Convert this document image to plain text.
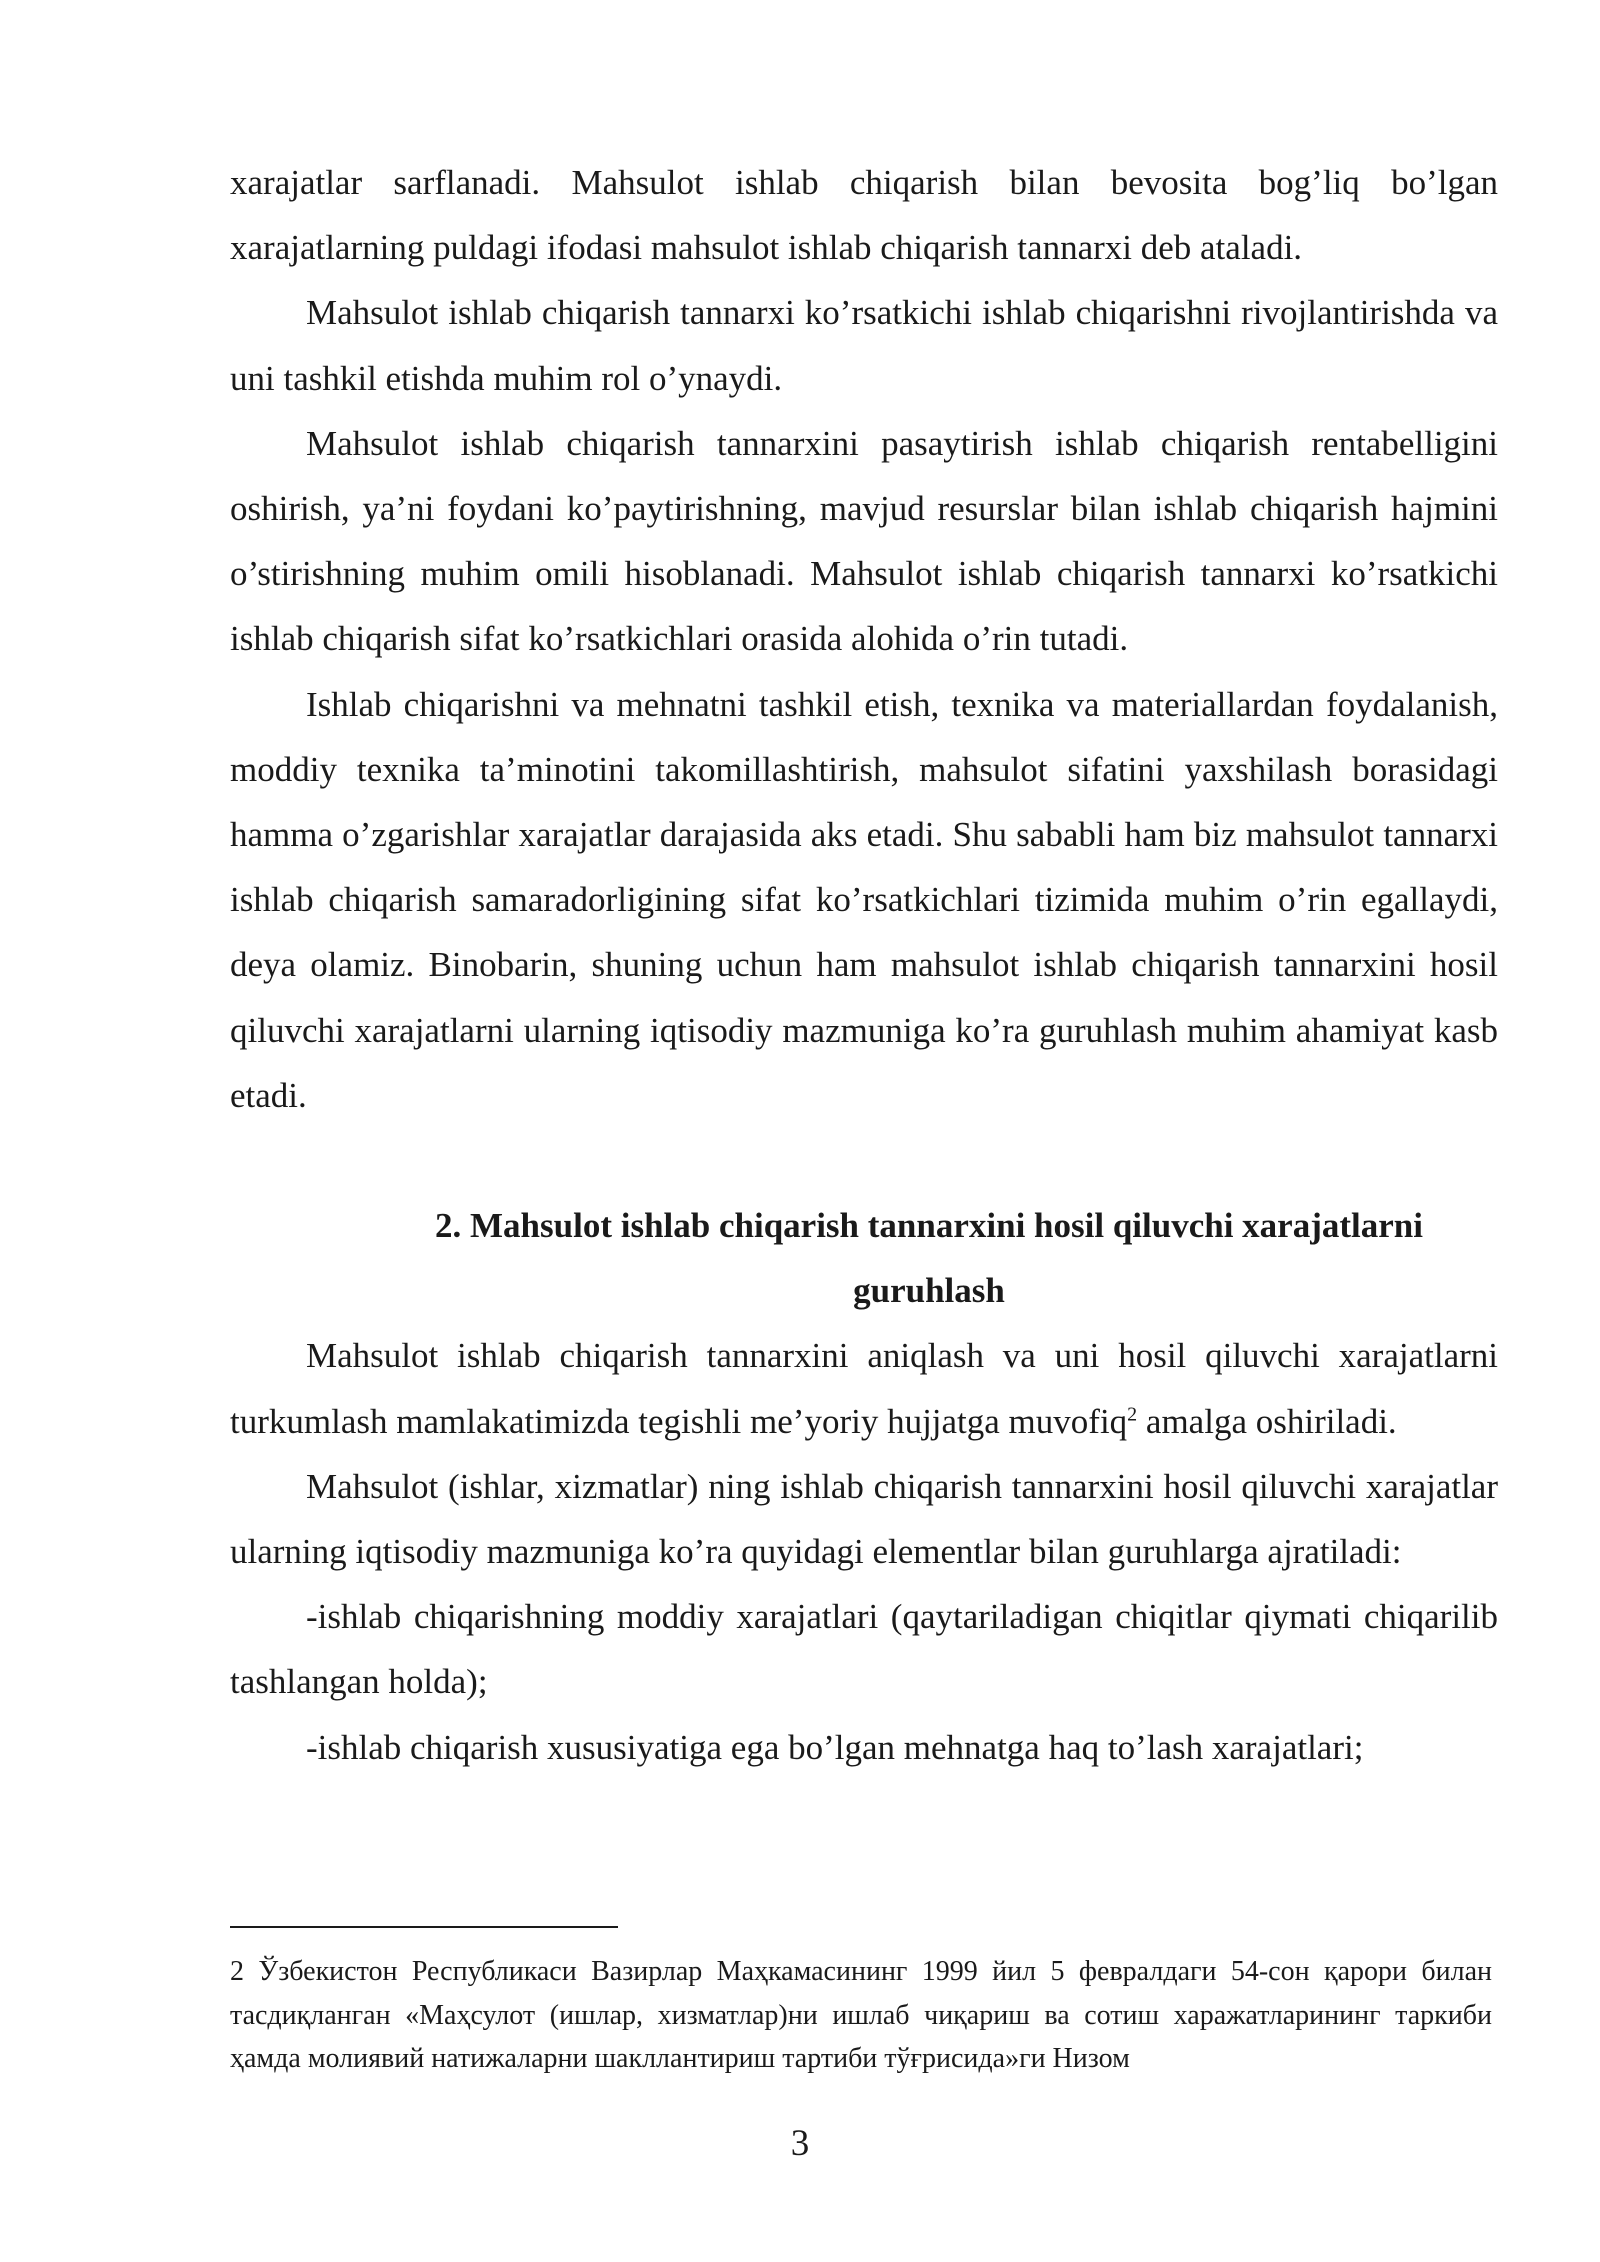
xarajatlar sarflanadi. Mahsulot ishlab chiqarish bilan bevosita bog’liq bo’lgan xarajatlarning puldagi ifodasi mahsulot ishlab chiqarish tannarxi deb ataladi.

Mahsulot ishlab chiqarish tannarxi ko’rsatkichi ishlab chiqarishni rivojlantirishda va uni tashkil etishda muhim rol o’ynaydi.

Mahsulot ishlab chiqarish tannarxini pasaytirish ishlab chiqarish rentabelligini oshirish, ya’ni foydani ko’paytirishning, mavjud resurslar bilan ishlab chiqarish hajmini o’stirishning muhim omili hisoblanadi. Mahsulot ishlab chiqarish tannarxi ko’rsatkichi ishlab chiqarish sifat ko’rsatkichlari orasida alohida o’rin tutadi.

Ishlab chiqarishni va mehnatni tashkil etish, texnika va materiallardan foydalanish, moddiy texnika ta’minotini takomillashtirish, mahsulot sifatini yaxshilash borasidagi hamma o’zgarishlar xarajatlar darajasida aks etadi. Shu sababli ham biz mahsulot tannarxi ishlab chiqarish samaradorligining sifat ko’rsatkichlari tizimida muhim o’rin egallaydi, deya olamiz. Binobarin, shuning uchun ham mahsulot ishlab chiqarish tannarxini hosil qiluvchi xarajatlarni ularning iqtisodiy mazmuniga ko’ra guruhlash muhim ahamiyat kasb etadi.

2. Mahsulot ishlab chiqarish tannarxini hosil qiluvchi xarajatlarni
guruhlash

Mahsulot ishlab chiqarish tannarxini aniqlash va uni hosil qiluvchi xarajatlarni turkumlash mamlakatimizda tegishli me’yoriy hujjatga muvofiq$^2$ amalga oshiriladi.

Mahsulot (ishlar, xizmatlar) ning ishlab chiqarish tannarxini hosil qiluvchi xarajatlar ularning iqtisodiy mazmuniga ko’ra quyidagi elementlar bilan guruhlarga ajratiladi:

-ishlab chiqarishning moddiy xarajatlari (qaytariladigan chiqitlar qiymati chiqarilib tashlangan holda);

-ishlab chiqarish xususiyatiga ega bo’lgan mehnatga haq to’lash xarajatlari;

2 Ўзбекистон Республикаси Вазирлар Маҳкамасининг 1999 йил 5 февралдаги 54-сон қарори билан тасдиқланган «Маҳсулот (ишлар, хизматлар)ни ишлаб чиқариш ва сотиш харажатларининг таркиби ҳамда молиявий натижаларни шакллантириш тартиби тўғрисида»ги Низом

3
